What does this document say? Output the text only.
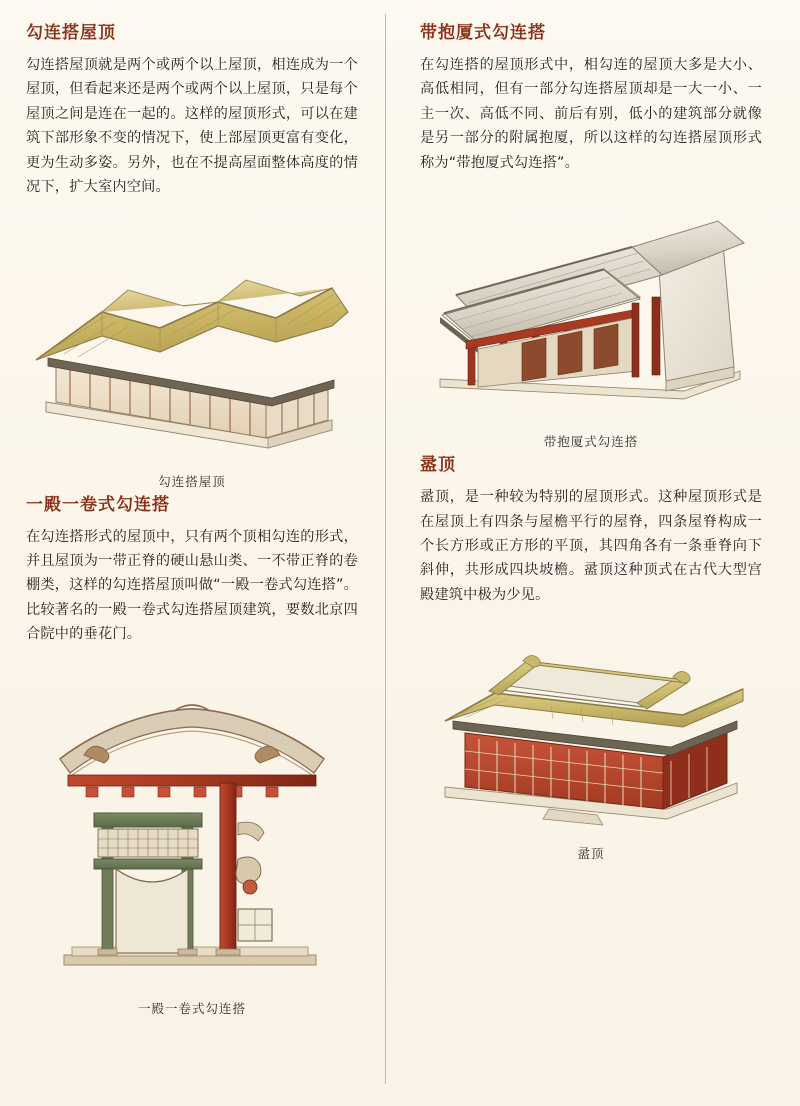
勾连搭屋顶

勾连搭屋顶就是两个或两个以上屋顶，相连成为一个屋顶，但看起来还是两个或两个以上屋顶，只是每个屋顶之间是连在一起的。这样的屋顶形式，可以在建筑下部形象不变的情况下，使上部屋顶更富有变化，更为生动多姿。另外，也在不提高屋面整体高度的情况下，扩大室内空间。

勾连搭屋顶
一殿一卷式勾连搭

在勾连搭形式的屋顶中，只有两个顶相勾连的形式，并且屋顶为一带正脊的硬山悬山类、一不带正脊的卷棚类，这样的勾连搭屋顶叫做“一殿一卷式勾连搭”。比较著名的一殿一卷式勾连搭屋顶建筑，要数北京四合院中的垂花门。

一殿一卷式勾连搭
带抱厦式勾连搭

在勾连搭的屋顶形式中，相勾连的屋顶大多是大小、高低相同，但有一部分勾连搭屋顶却是一大一小、一主一次、高低不同、前后有别，低小的建筑部分就像是另一部分的附属抱厦，所以这样的勾连搭屋顶形式称为“带抱厦式勾连搭”。

带抱厦式勾连搭
盝顶

盝顶，是一种较为特别的屋顶形式。这种屋顶形式是在屋顶上有四条与屋檐平行的屋脊，四条屋脊构成一个长方形或正方形的平顶，其四角各有一条垂脊向下斜伸，共形成四块坡檐。盝顶这种顶式在古代大型宫殿建筑中极为少见。

盝顶
